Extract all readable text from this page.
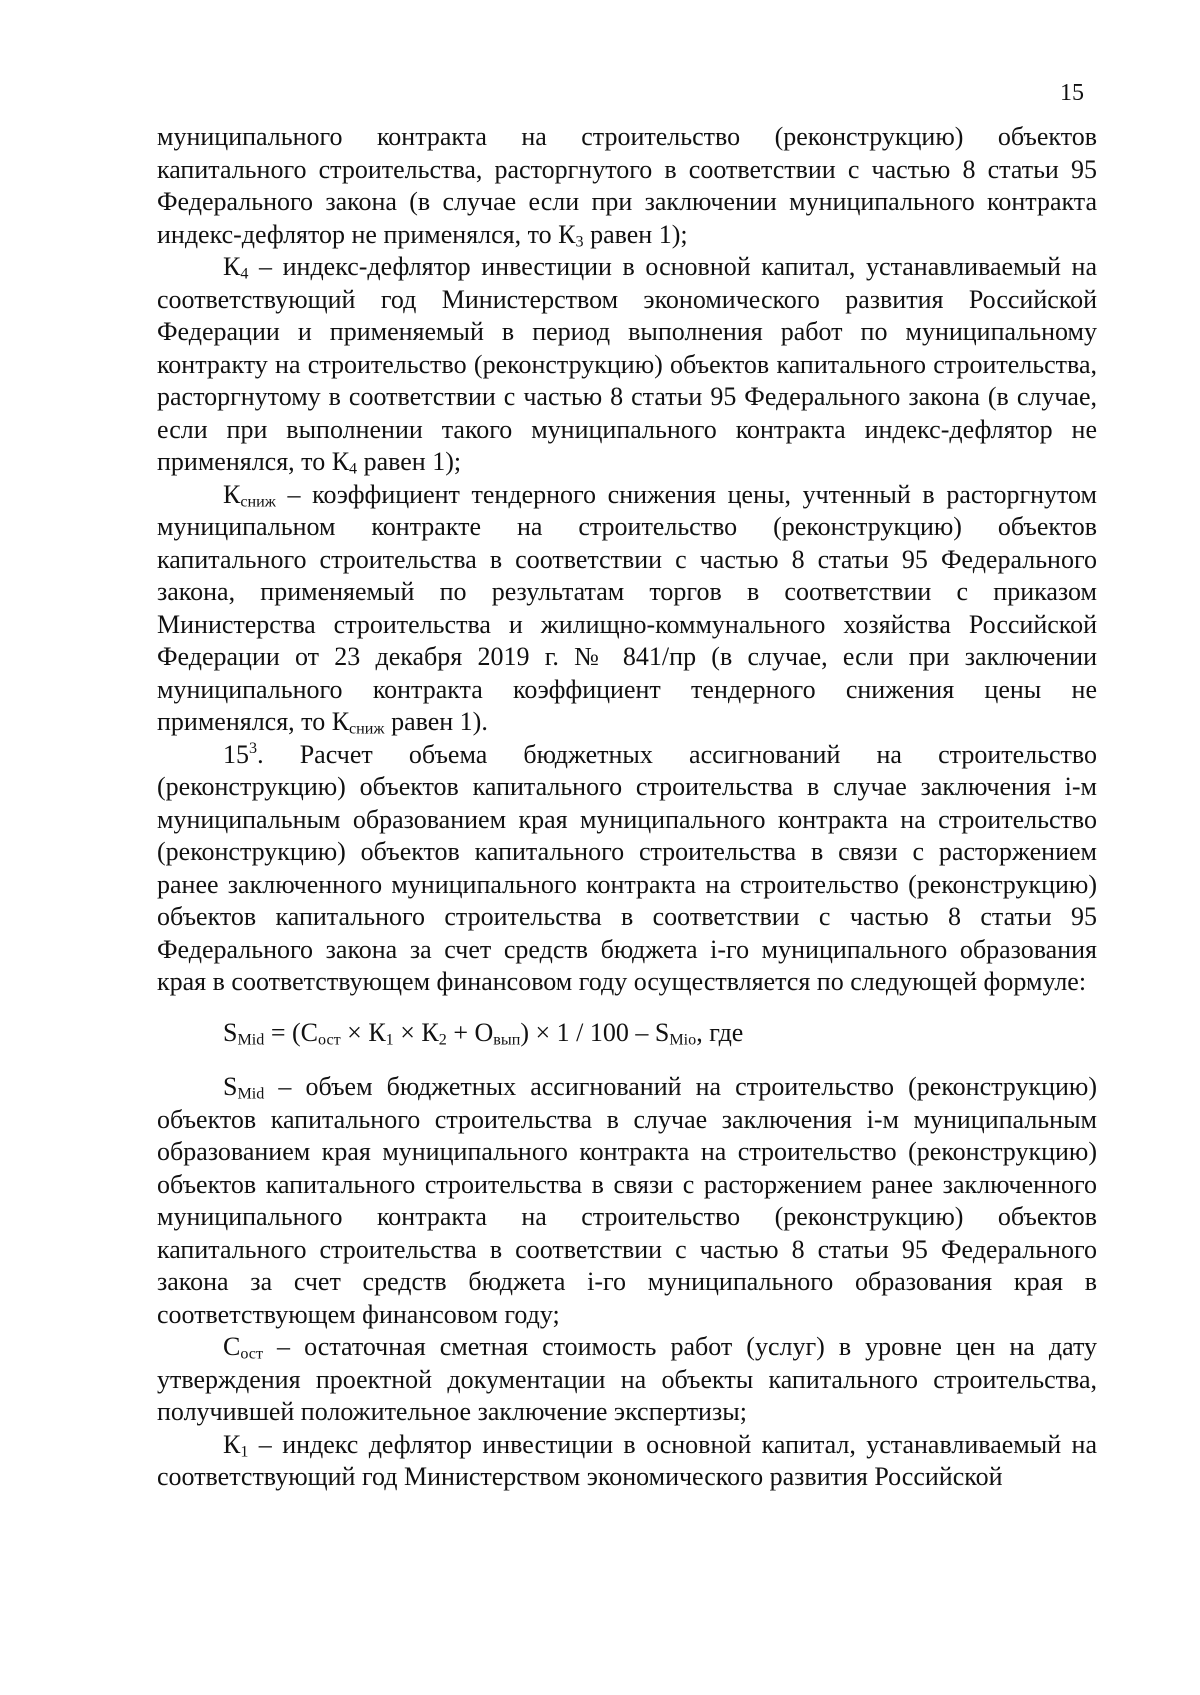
15

муниципального контракта на строительство (реконструкцию) объектов капитального строительства, расторгнутого в соответствии с частью 8 статьи 95 Федерального закона (в случае если при заключении муниципального контракта индекс-дефлятор не применялся, то $К_3$ равен 1);

$К_4$ – индекс-дефлятор инвестиции в основной капитал, устанавливаемый на соответствующий год Министерством экономического развития Российской Федерации и применяемый в период выполнения работ по муниципальному контракту на строительство (реконструкцию) объектов капитального строительства, расторгнутому в соответствии с частью 8 статьи 95 Федерального закона (в случае, если при выполнении такого муниципального контракта индекс-дефлятор не применялся, то $К_4$ равен 1);

$К_{сниж}$ – коэффициент тендерного снижения цены, учтенный в расторгнутом муниципальном контракте на строительство (реконструкцию) объектов капитального строительства в соответствии с частью 8 статьи 95 Федерального закона, применяемый по результатам торгов в соответствии с приказом Министерства строительства и жилищно-коммунального хозяйства Российской Федерации от 23 декабря 2019 г. № 841/пр (в случае, если при заключении муниципального контракта коэффициент тендерного снижения цены не применялся, то $К_{сниж}$ равен 1).

$15^3$. Расчет объема бюджетных ассигнований на строительство (реконструкцию) объектов капитального строительства в случае заключения i-м муниципальным образованием края муниципального контракта на строительство (реконструкцию) объектов капитального строительства в связи с расторжением ранее заключенного муниципального контракта на строительство (реконструкцию) объектов капитального строительства в соответствии с частью 8 статьи 95 Федерального закона за счет средств бюджета i-го муниципального образования края в соответствующем финансовом году осуществляется по следующей формуле:

$S_{Mid} = (С_{ост} \times К_1 \times К_2 + О_{вып}) \times 1 / 100 - S_{Mio}$, где

$S_{Mid}$ – объем бюджетных ассигнований на строительство (реконструкцию) объектов капитального строительства в случае заключения i-м муниципальным образованием края муниципального контракта на строительство (реконструкцию) объектов капитального строительства в связи с расторжением ранее заключенного муниципального контракта на строительство (реконструкцию) объектов капитального строительства в соответствии с частью 8 статьи 95 Федерального закона за счет средств бюджета i-го муниципального образования края в соответствующем финансовом году;

$С_{ост}$ – остаточная сметная стоимость работ (услуг) в уровне цен на дату утверждения проектной документации на объекты капитального строительства, получившей положительное заключение экспертизы;

$К_1$ – индекс дефлятор инвестиции в основной капитал, устанавливаемый на соответствующий год Министерством экономического развития Российской
